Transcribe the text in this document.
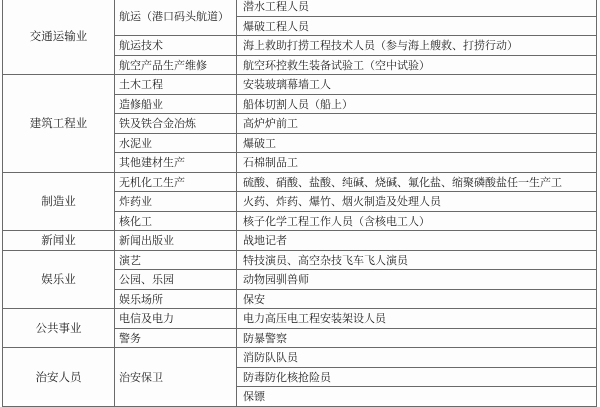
交通运输业	航运（港口码头航道）	潜水工程人员
		爆破工程人员
	航运技术	海上救助打捞工程技术人员（参与海上艘救、打捞行动）
	航空产品生产维修	航空环控救生装备试验工（空中试验）
建筑工程业	土木工程	安装玻璃幕墙工人
	造修船业	船体切割人员（船上）
	铁及铁合金冶炼	高炉炉前工
	水泥业	爆破工
	其他建材生产	石棉制品工
制造业	无机化工生产	硫酸、硝酸、盐酸、纯碱、烧碱、氟化盐、缩聚磷酸盐任一生产工
	炸药业	火药、炸药、爆竹、烟火制造及处理人员
	核化工	核子化学工程工作人员（含核电工人）
新闻业	新闻出版业	战地记者
娱乐业	演艺	特技演员、高空杂技飞车飞人演员
	公园、乐园	动物园驯兽师
	娱乐场所	保安
公共事业	电信及电力	电力高压电工程安装架设人员
	警务	防暴警察
治安人员	治安保卫	消防队队员
		防毒防化核抢险员
		保镖
